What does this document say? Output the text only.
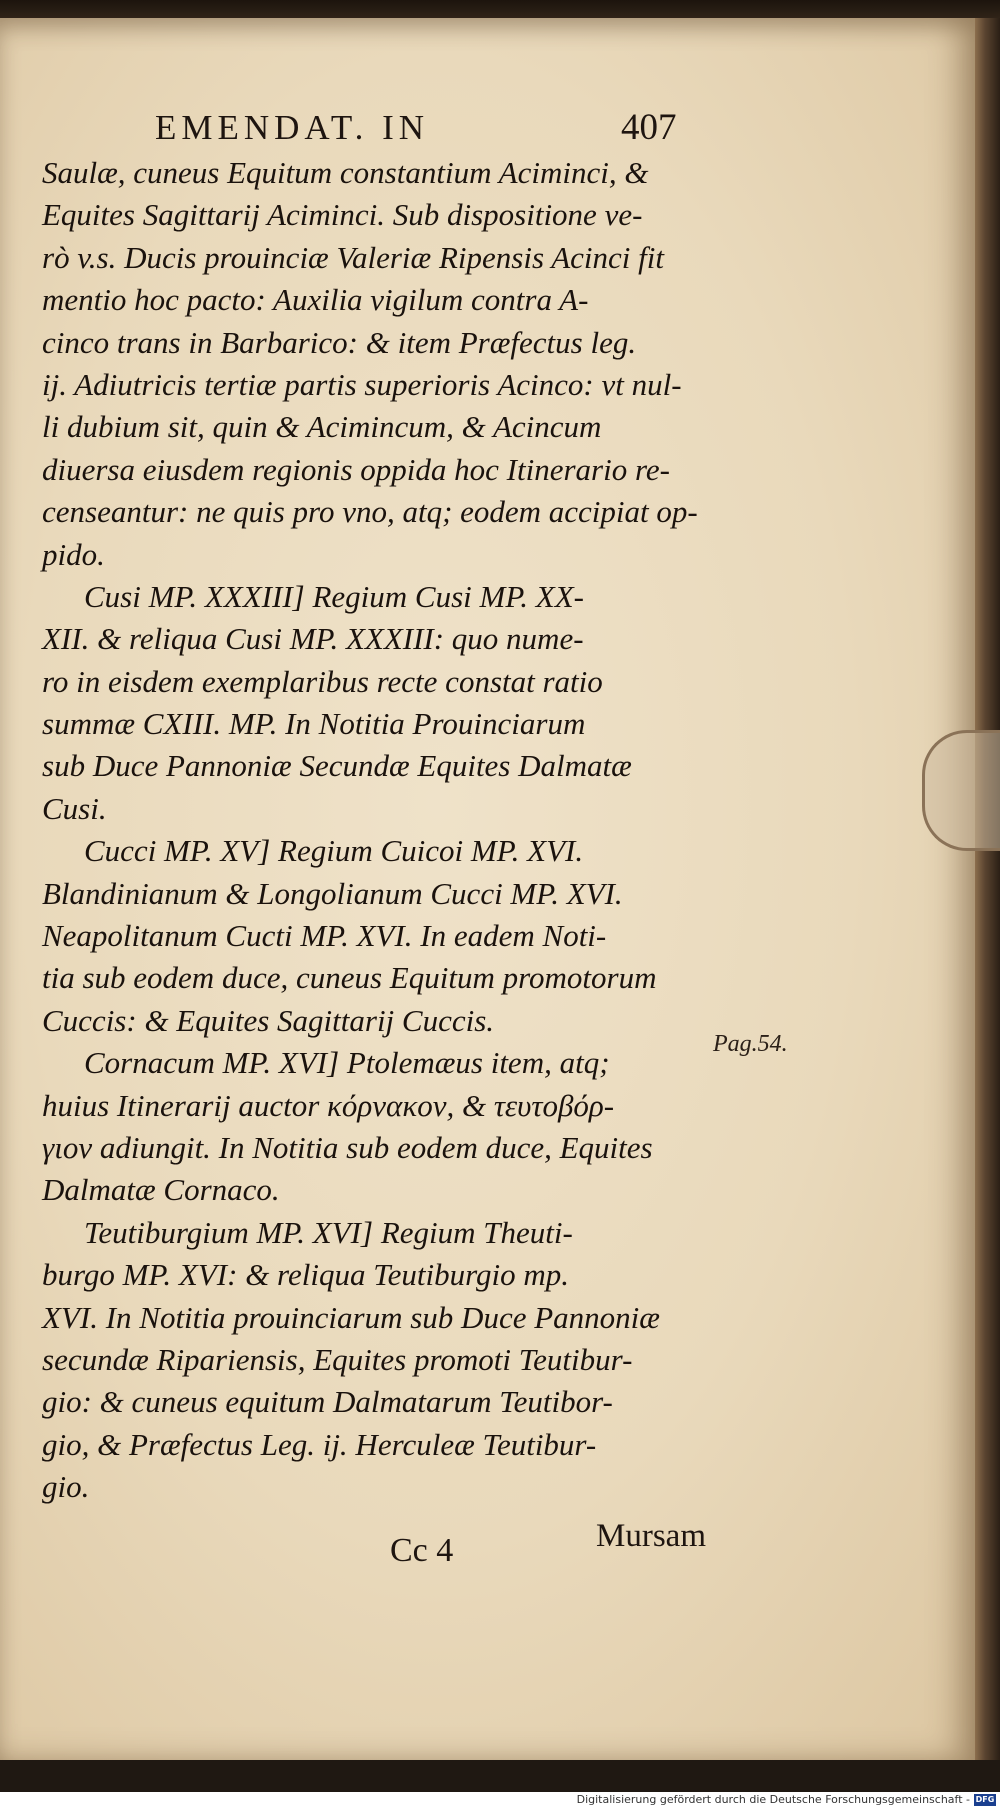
EMENDAT. IN	407
Saulæ, cuneus Equitum constantium Aciminci, &
Equites Sagittarij Aciminci. Sub dispositione ve-
rò v.s. Ducis prouinciæ Valeriæ Ripensis Acinci fit
mentio hoc pacto: Auxilia vigilum contra A-
cinco trans in Barbarico: & item Præfectus leg.
ij. Adiutricis tertiæ partis superioris Acinco: vt nul-
li dubium sit, quin & Acimincum, & Acincum
diuersa eiusdem regionis oppida hoc Itinerario re-
censeantur: ne quis pro vno, atq; eodem accipiat op-
pido.
Cusi MP. XXXIII] Regium Cusi MP. XX-
XII. & reliqua Cusi MP. XXXIII: quo nume-
ro in eisdem exemplaribus recte constat ratio
summæ CXIII. MP. In Notitia Prouinciarum
sub Duce Pannoniæ Secundæ Equites Dalmatæ
Cusi.
Cucci MP. XV] Regium Cuicoi MP. XVI.
Blandinianum & Longolianum Cucci MP. XVI.
Neapolitanum Cucti MP. XVI. In eadem Noti-
tia sub eodem duce, cuneus Equitum promotorum
Cuccis: & Equites Sagittarij Cuccis.
Cornacum MP. XVI] Ptolemæus item, atq;
huius Itinerarij auctor κόρνακον, & τευτοβόρ-
γιον adiungit. In Notitia sub eodem duce, Equites
Dalmatæ Cornaco.
Teutiburgium MP. XVI] Regium Theuti-
burgo MP. XVI: & reliqua Teutiburgio mp.
XVI. In Notitia prouinciarum sub Duce Pannoniæ
secundæ Ripariensis, Equites promoti Teutibur-
gio: & cuneus equitum Dalmatarum Teutibor-
gio, & Præfectus Leg. ij. Herculeæ Teutibur-
gio.
Pag.54.
Cc 4	Mursam
Digitalisierung gefördert durch die Deutsche Forschungsgemeinschaft - DFG
